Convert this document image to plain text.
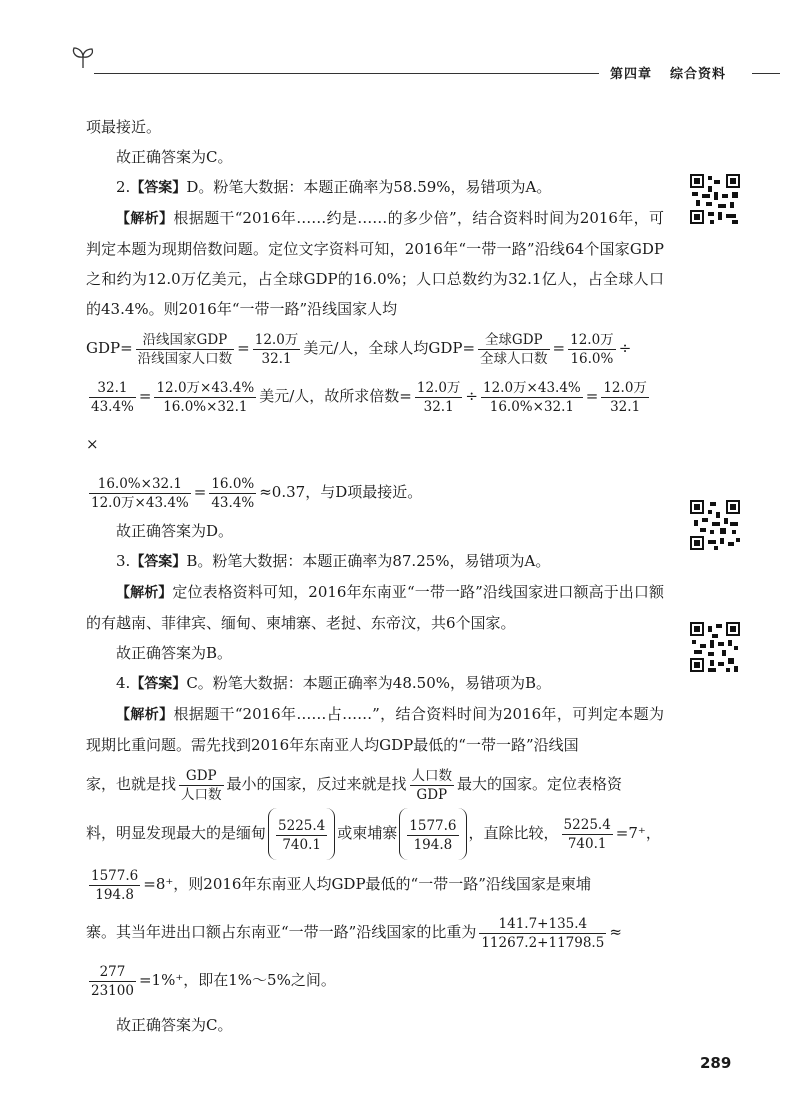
第四章 综合资料

项最接近。

故正确答案为C。

2.【答案】D。粉笔大数据：本题正确率为58.59%，易错项为A。

【解析】根据题干“2016年……约是……的多少倍”，结合资料时间为2016年，可判定本题为现期倍数问题。定位文字资料可知，2016年“一带一路”沿线64个国家GDP之和约为12.0万亿美元，占全球GDP的16.0%；人口总数约为32.1亿人，占全球人口的43.4%。则2016年“一带一路”沿线国家人均

$GDP= \frac{\text{沿线国家GDP}}{\text{沿线国家人口数}} = \frac{\text{12.0万}}{32.1}$ 美元/人，全球人均$GDP= \frac{\text{全球GDP}}{\text{全球人口数}} = \frac{\text{12.0万}}{16.0\%}$ ÷

$\frac{32.1}{43.4\%} = \frac{\text{12.0万×43.4\%}}{16.0\%\times 32.1}$ 美元/人，故所求倍数= $\frac{\text{12.0万}}{32.1} \div \frac{\text{12.0万×43.4\%}}{16.0\%\times 32.1} = \frac{\text{12.0万}}{32.1}$
×

$\frac{16.0\%\times 32.1}{\text{12.0万×43.4\%}} = \frac{16.0\%}{43.4\%} \approx 0.37$，与D项最接近。

故正确答案为D。

3.【答案】B。粉笔大数据：本题正确率为87.25%，易错项为A。

【解析】定位表格资料可知，2016年东南亚“一带一路”沿线国家进口额高于出口额的有越南、菲律宾、缅甸、柬埔寨、老挝、东帝汶，共6个国家。

故正确答案为B。

4.【答案】C。粉笔大数据：本题正确率为48.50%，易错项为B。

【解析】根据题干“2016年……占……”，结合资料时间为2016年，可判定本题为现期比重问题。需先找到2016年东南亚人均GDP最低的“一带一路”沿线国

家，也就是找 $\frac{\text{GDP}}{\text{人口数}}$ 最小的国家，反过来就是找 $\frac{\text{人口数}}{\text{GDP}}$ 最大的国家。定位表格资

料，明显发现最大的是缅甸 $\frac{5225.4}{740.1}$ 或柬埔寨 $\frac{1577.6}{194.8}$ ，直除比较， $\frac{5225.4}{740.1} =7^+$，

$\frac{1577.6}{194.8} =8^+$，则2016年东南亚人均GDP最低的“一带一路”沿线国家是柬埔

寨。其当年进出口额占东南亚“一带一路”沿线国家的比重为 $\frac{141.7+135.4}{11267.2+11798.5}$ ≈

$\frac{277}{23100} =1\%^+$，即在1%～5%之间。

故正确答案为C。

289
